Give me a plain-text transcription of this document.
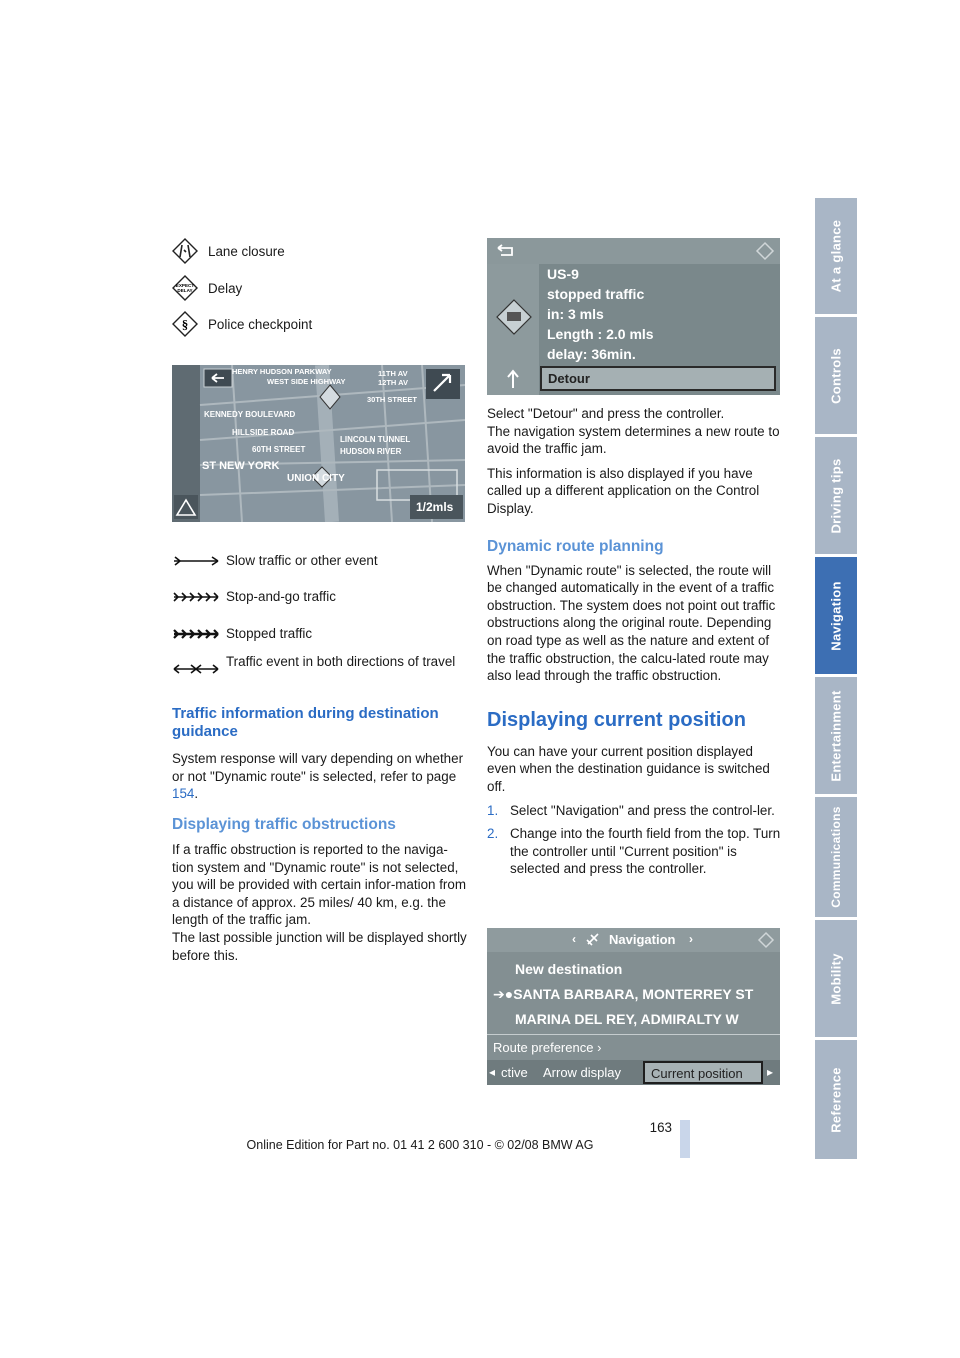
Lane closure
EXPECT
DELAY Delay
§ Police checkpoint
HENRY HUDSON PARKWAY
WEST SIDE HIGHWAY
KENNEDY BOULEVARD
HILLSIDE ROAD
60TH STREET
LINCOLN TUNNEL
HUDSON RIVER
ST NEW YORK
UNION CITY
11TH AV
12TH AV
30TH STREET
1/2mls
Slow traffic or other event
Stop-and-go traffic
Stopped traffic
Traffic event in both directions of travel

Traffic information during destination guidance

System response will vary depending on whether or not "Dynamic route" is selected, refer to page 154.

Displaying traffic obstructions

If a traffic obstruction is reported to the naviga-tion system and "Dynamic route" is not selected, you will be provided with certain infor-mation from a distance of approx. 25 miles/ 40 km, e.g. the length of the traffic jam.

The last possible junction will be displayed shortly before this.

US-9
stopped traffic
in: 3 mls
Length : 2.0 mls
delay: 36min.
Detour

Select "Detour" and press the controller.

The navigation system determines a new route to avoid the traffic jam.

This information is also displayed if you have called up a different application on the Control Display.

Dynamic route planning

When "Dynamic route" is selected, the route will be changed automatically in the event of a traffic obstruction. The system does not point out traffic obstructions along the original route. Depending on road type as well as the nature and extent of the traffic obstruction, the calcu-lated route may also lead through the traffic obstruction.

Displaying current position

You can have your current position displayed even when the destination guidance is switched off.

1. Select "Navigation" and press the control-ler.
2. Change into the fourth field from the top. Turn the controller until "Current position" is selected and press the controller.
‹	Navigation ›
New destination
➔●SANTA BARBARA, MONTERREY ST
MARINA DEL REY, ADMIRALTY W
Route preference ›
◂ ctive Arrow display Current position ▸
At a glance
Controls
Driving tips
Navigation
Entertainment
Communications
Mobility
Reference
163
Online Edition for Part no. 01 41 2 600 310 - © 02/08 BMW AG
